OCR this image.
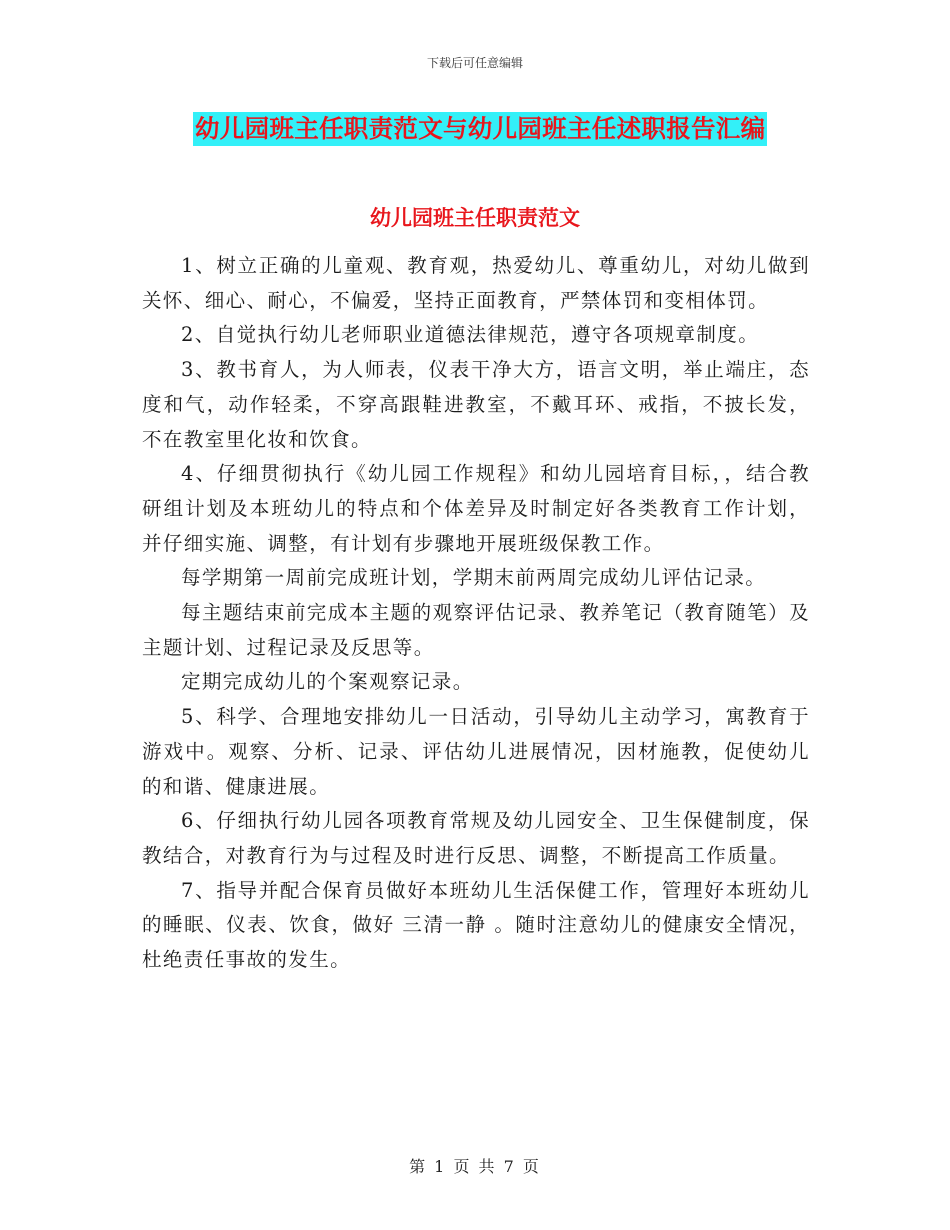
下载后可任意编辑
幼儿园班主任职责范文与幼儿园班主任述职报告汇编
幼儿园班主任职责范文

1、树立正确的儿童观、教育观，热爱幼儿、尊重幼儿，对幼儿做到关怀、细心、耐心，不偏爱，坚持正面教育，严禁体罚和变相体罚。

2、自觉执行幼儿老师职业道德法律规范，遵守各项规章制度。

3、教书育人，为人师表，仪表干净大方，语言文明，举止端庄，态度和气，动作轻柔，不穿高跟鞋进教室，不戴耳环、戒指，不披长发，不在教室里化妆和饮食。

4、仔细贯彻执行《幼儿园工作规程》和幼儿园培育目标，，结合教研组计划及本班幼儿的特点和个体差异及时制定好各类教育工作计划，并仔细实施、调整，有计划有步骤地开展班级保教工作。

每学期第一周前完成班计划，学期末前两周完成幼儿评估记录。

每主题结束前完成本主题的观察评估记录、教养笔记（教育随笔）及主题计划、过程记录及反思等。

定期完成幼儿的个案观察记录。

5、科学、合理地安排幼儿一日活动，引导幼儿主动学习，寓教育于游戏中。观察、分析、记录、评估幼儿进展情况，因材施教，促使幼儿的和谐、健康进展。

6、仔细执行幼儿园各项教育常规及幼儿园安全、卫生保健制度，保教结合，对教育行为与过程及时进行反思、调整，不断提高工作质量。

7、指导并配合保育员做好本班幼儿生活保健工作，管理好本班幼儿的睡眠、仪表、饮食，做好 三清一静 。随时注意幼儿的健康安全情况，杜绝责任事故的发生。

第 1 页 共 7 页
